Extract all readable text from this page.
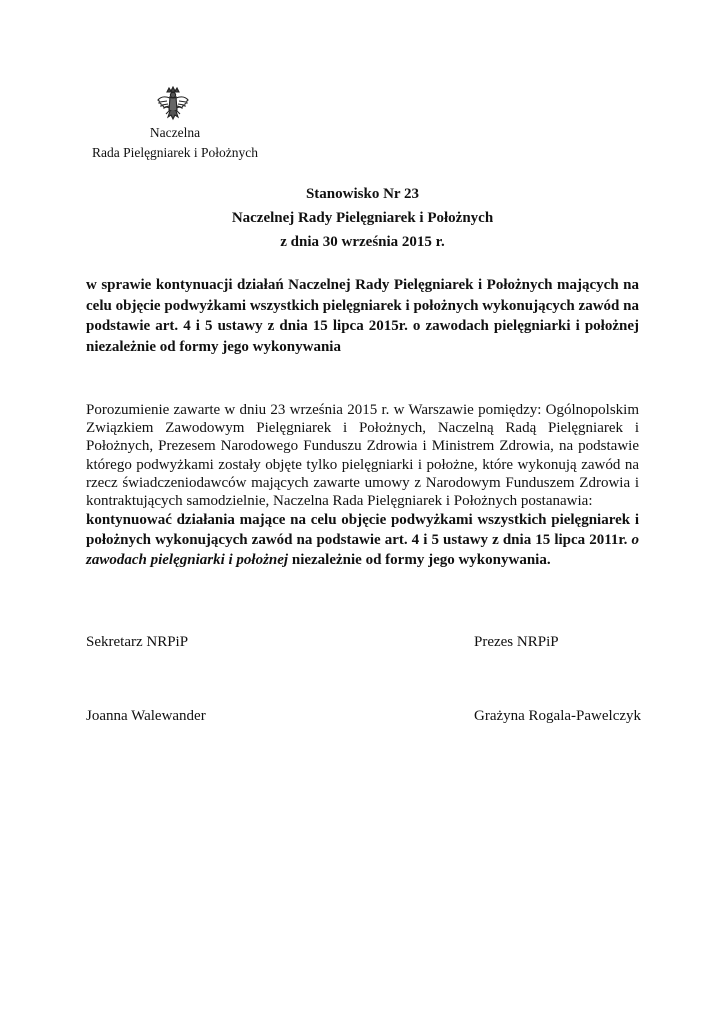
Naczelna
Rada Pielęgniarek i Położnych
Stanowisko Nr 23
Naczelnej Rady Pielęgniarek i Położnych
z dnia 30 września 2015 r.
w sprawie kontynuacji działań Naczelnej Rady Pielęgniarek i Położnych mających na celu objęcie podwyżkami wszystkich pielęgniarek i położnych wykonujących zawód na podstawie art. 4 i 5 ustawy z dnia 15 lipca 2015r. o zawodach pielęgniarki i położnej niezależnie od formy jego wykonywania
Porozumienie zawarte w dniu 23 września 2015 r. w Warszawie pomiędzy: Ogólnopolskim Związkiem Zawodowym Pielęgniarek i Położnych, Naczelną Radą Pielęgniarek i Położnych, Prezesem Narodowego Funduszu Zdrowia i Ministrem Zdrowia, na podstawie którego podwyżkami zostały objęte tylko pielęgniarki i położne, które wykonują zawód na rzecz świadczeniodawców mających zawarte umowy z Narodowym Funduszem Zdrowia i kontraktujących samodzielnie, Naczelna Rada Pielęgniarek i Położnych postanawia:
kontynuować działania mające na celu objęcie podwyżkami wszystkich pielęgniarek i położnych wykonujących zawód na podstawie art. 4 i 5 ustawy z dnia 15 lipca 2011r. o zawodach pielęgniarki i położnej niezależnie od formy jego wykonywania.
Sekretarz NRPiP	Prezes NRPiP
Joanna Walewander	Grażyna Rogala-Pawelczyk
